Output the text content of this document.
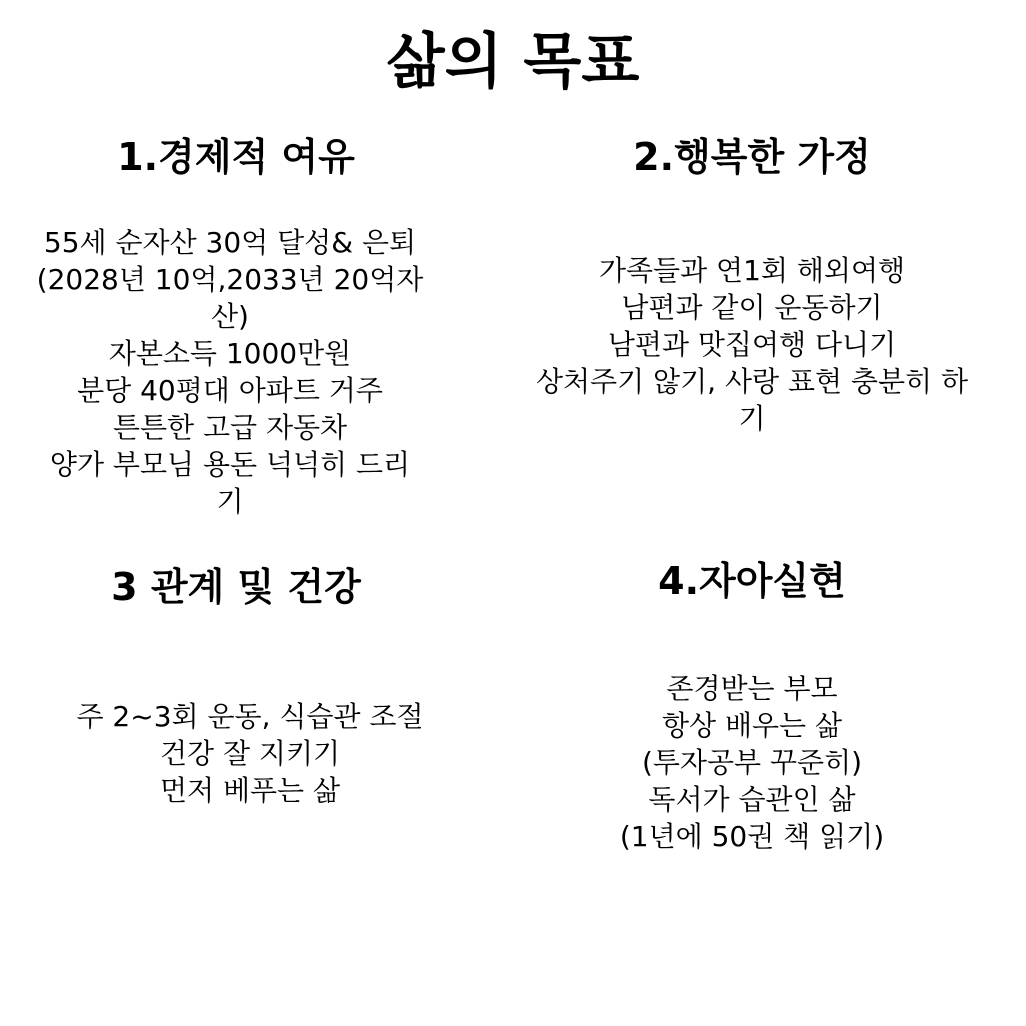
삶의 목표
1.경제적 여유
55세 순자산 30억 달성& 은퇴
(2028년 10억,2033년 20억자
산)
자본소득 1000만원
분당 40평대 아파트 거주
튼튼한 고급 자동차
양가 부모님 용돈 넉넉히 드리
기
2.행복한 가정
가족들과 연1회 해외여행
남편과 같이 운동하기
남편과 맛집여행 다니기
상처주기 않기, 사랑 표현 충분히 하
기
3 관계 및 건강
주 2~3회 운동, 식습관 조절
건강 잘 지키기
먼저 베푸는 삶
4.자아실현
존경받는 부모
항상 배우는 삶
(투자공부 꾸준히)
독서가 습관인 삶
(1년에 50권 책 읽기)
